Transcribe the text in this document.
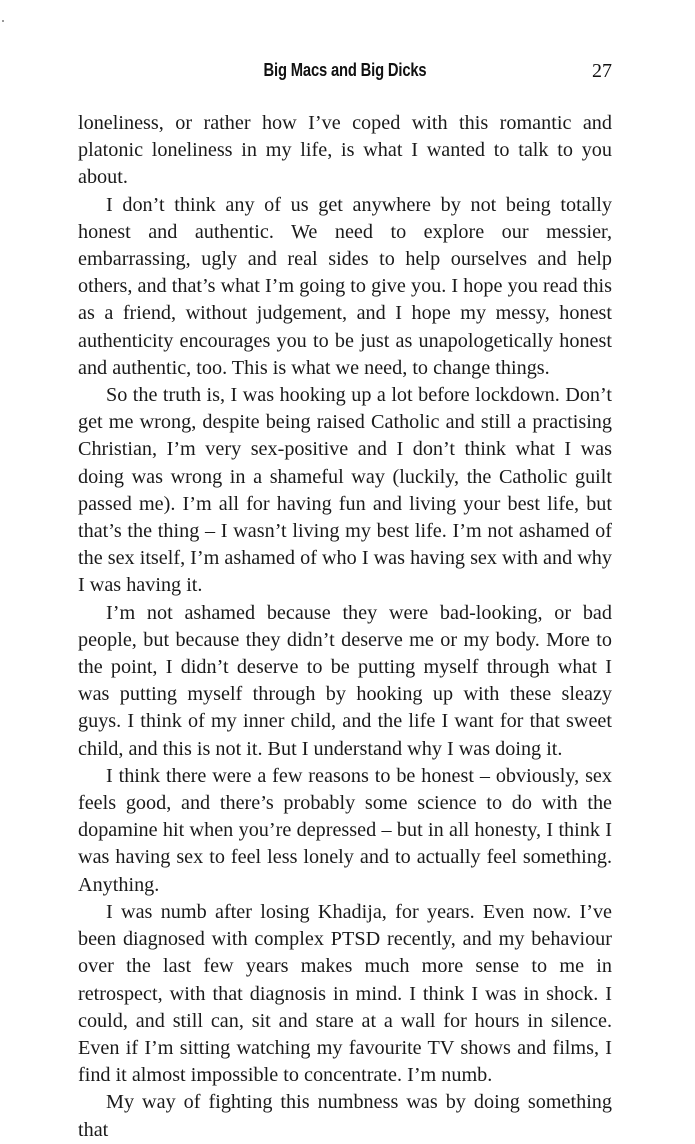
Big Macs and Big Dicks	27

loneliness, or rather how I’ve coped with this romantic and platonic loneliness in my life, is what I wanted to talk to you about.

I don’t think any of us get anywhere by not being totally honest and authentic. We need to explore our messier, embarrassing, ugly and real sides to help ourselves and help others, and that’s what I’m going to give you. I hope you read this as a friend, without judgement, and I hope my messy, honest authenticity encourages you to be just as unapologetically honest and authentic, too. This is what we need, to change things.

So the truth is, I was hooking up a lot before lockdown. Don’t get me wrong, despite being raised Catholic and still a practising Christian, I’m very sex-positive and I don’t think what I was doing was wrong in a shameful way (luckily, the Catholic guilt passed me). I’m all for having fun and living your best life, but that’s the thing – I wasn’t living my best life. I’m not ashamed of the sex itself, I’m ashamed of who I was having sex with and why I was having it.

I’m not ashamed because they were bad-looking, or bad people, but because they didn’t deserve me or my body. More to the point, I didn’t deserve to be putting myself through what I was putting myself through by hooking up with these sleazy guys. I think of my inner child, and the life I want for that sweet child, and this is not it. But I understand why I was doing it.

I think there were a few reasons to be honest – obviously, sex feels good, and there’s probably some science to do with the dopamine hit when you’re depressed – but in all honesty, I think I was having sex to feel less lonely and to actually feel something. Anything.

I was numb after losing Khadija, for years. Even now. I’ve been diagnosed with complex PTSD recently, and my behaviour over the last few years makes much more sense to me in retrospect, with that diagnosis in mind. I think I was in shock. I could, and still can, sit and stare at a wall for hours in silence. Even if I’m sitting watching my favourite TV shows and films, I find it almost impossible to concentrate. I’m numb.

My way of fighting this numbness was by doing something that
